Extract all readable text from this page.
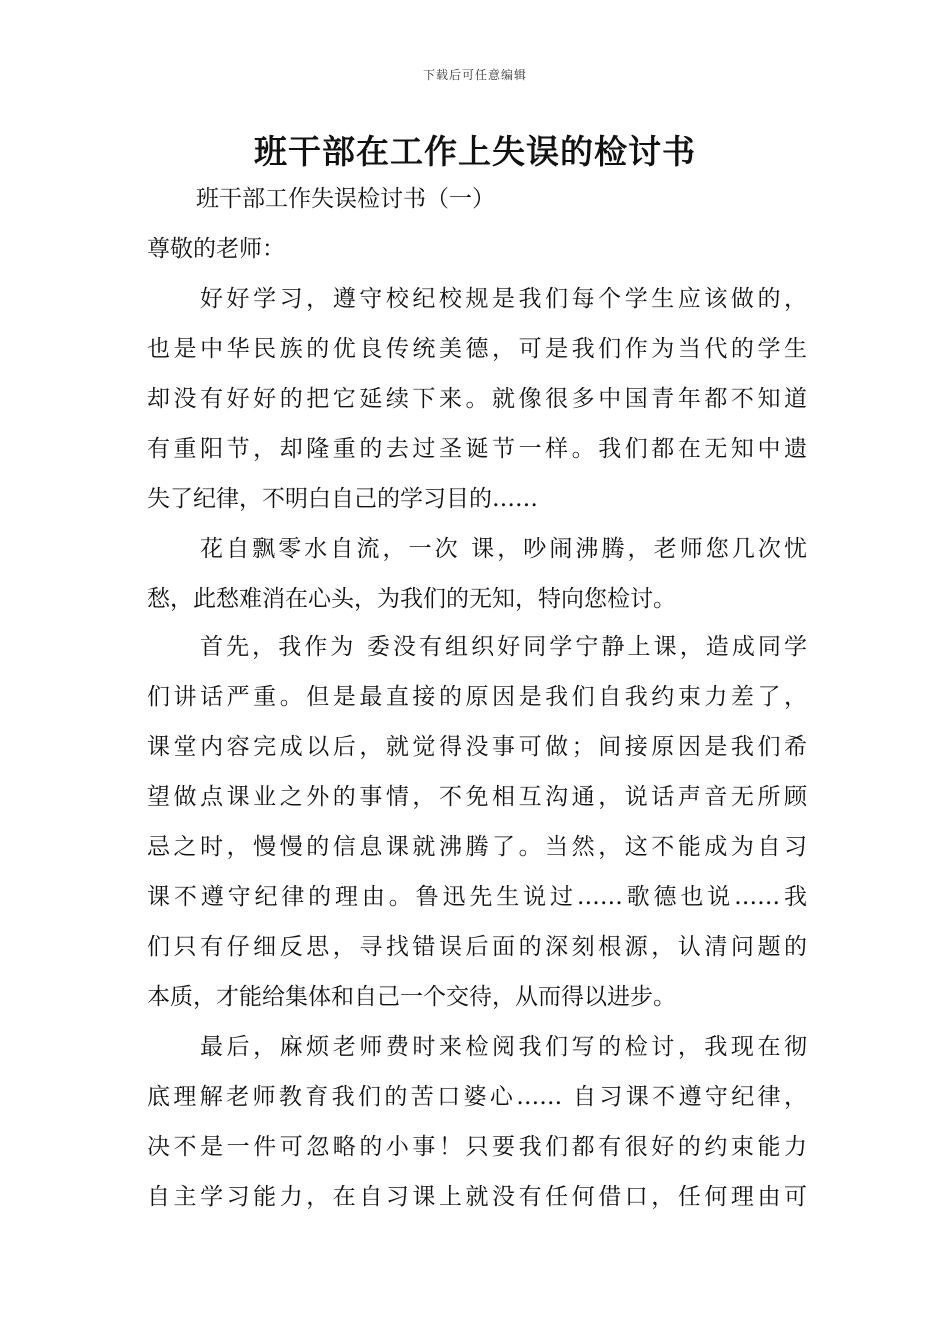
下载后可任意编辑
班干部在工作上失误的检讨书
班干部工作失误检讨书（一）
尊敬的老师：
好好学习，遵守校纪校规是我们每个学生应该做的，
也是中华民族的优良传统美德，可是我们作为当代的学生
却没有好好的把它延续下来。就像很多中国青年都不知道
有重阳节，却隆重的去过圣诞节一样。我们都在无知中遗
失了纪律，不明白自己的学习目的……
花自飘零水自流，一次 课，吵闹沸腾，老师您几次忧
愁，此愁难消在心头，为我们的无知，特向您检讨。
首先，我作为 委没有组织好同学宁静上课，造成同学
们讲话严重。但是最直接的原因是我们自我约束力差了，
课堂内容完成以后，就觉得没事可做；间接原因是我们希
望做点课业之外的事情，不免相互沟通，说话声音无所顾
忌之时，慢慢的信息课就沸腾了。当然，这不能成为自习
课不遵守纪律的理由。鲁迅先生说过……歌德也说……我
们只有仔细反思，寻找错误后面的深刻根源，认清问题的
本质，才能给集体和自己一个交待，从而得以进步。
最后，麻烦老师费时来检阅我们写的检讨，我现在彻
底理解老师教育我们的苦口婆心…… 自习课不遵守纪律，
决不是一件可忽略的小事！只要我们都有很好的约束能力
自主学习能力，在自习课上就没有任何借口，任何理由可
